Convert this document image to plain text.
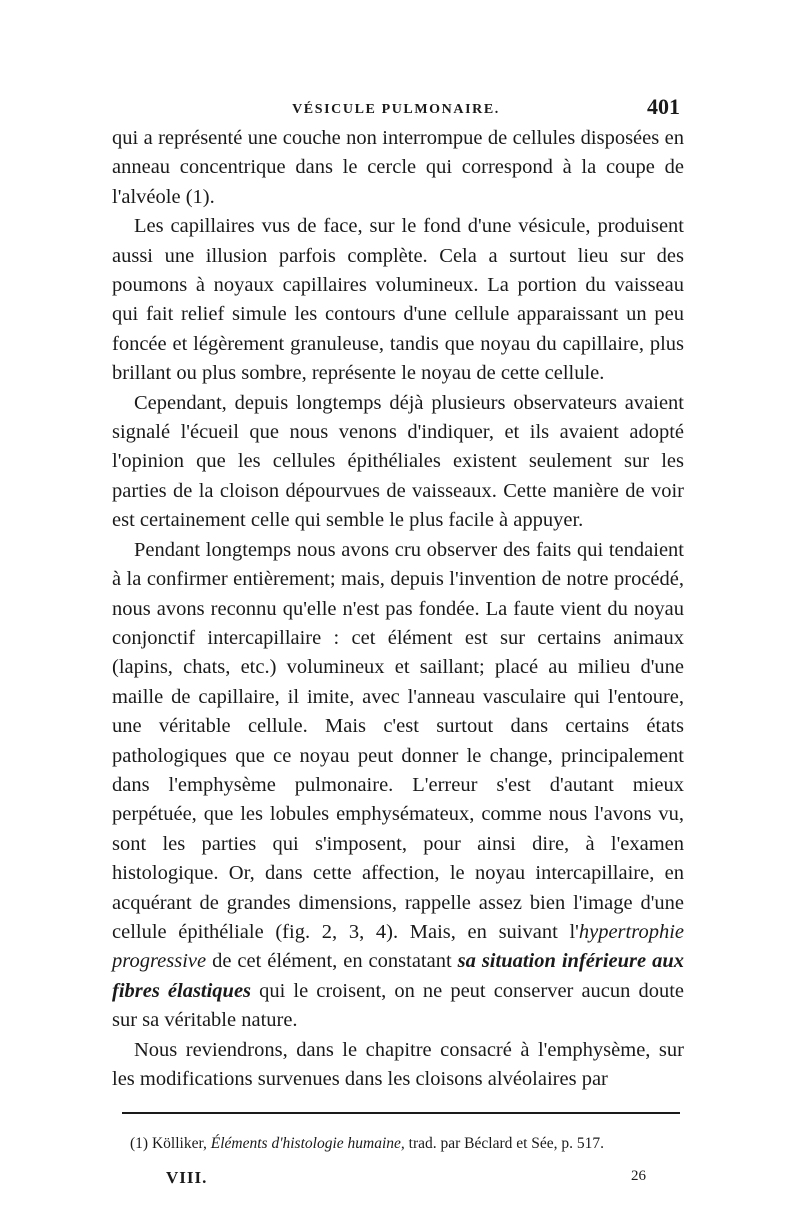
VÉSICULE PULMONAIRE.	401

qui a représenté une couche non interrompue de cellules disposées en anneau concentrique dans le cercle qui correspond à la coupe de l'alvéole (1).

Les capillaires vus de face, sur le fond d'une vésicule, produisent aussi une illusion parfois complète. Cela a surtout lieu sur des poumons à noyaux capillaires volumineux. La portion du vaisseau qui fait relief simule les contours d'une cellule apparaissant un peu foncée et légèrement granuleuse, tandis que noyau du capillaire, plus brillant ou plus sombre, représente le noyau de cette cellule.

Cependant, depuis longtemps déjà plusieurs observateurs avaient signalé l'écueil que nous venons d'indiquer, et ils avaient adopté l'opinion que les cellules épithéliales existent seulement sur les parties de la cloison dépourvues de vaisseaux. Cette manière de voir est certainement celle qui semble le plus facile à appuyer.

Pendant longtemps nous avons cru observer des faits qui tendaient à la confirmer entièrement; mais, depuis l'invention de notre procédé, nous avons reconnu qu'elle n'est pas fondée. La faute vient du noyau conjonctif intercapillaire : cet élément est sur certains animaux (lapins, chats, etc.) volumineux et saillant; placé au milieu d'une maille de capillaire, il imite, avec l'anneau vasculaire qui l'entoure, une véritable cellule. Mais c'est surtout dans certains états pathologiques que ce noyau peut donner le change, principalement dans l'emphysème pulmonaire. L'erreur s'est d'autant mieux perpétuée, que les lobules emphysémateux, comme nous l'avons vu, sont les parties qui s'imposent, pour ainsi dire, à l'examen histologique. Or, dans cette affection, le noyau intercapillaire, en acquérant de grandes dimensions, rappelle assez bien l'image d'une cellule épithéliale (fig. 2, 3, 4). Mais, en suivant l'hypertrophie progressive de cet élément, en constatant sa situation inférieure aux fibres élastiques qui le croisent, on ne peut conserver aucun doute sur sa véritable nature.

Nous reviendrons, dans le chapitre consacré à l'emphysème, sur les modifications survenues dans les cloisons alvéolaires par

(1) Kölliker, Éléments d'histologie humaine, trad. par Béclard et Sée, p. 517.
VIII.	26
